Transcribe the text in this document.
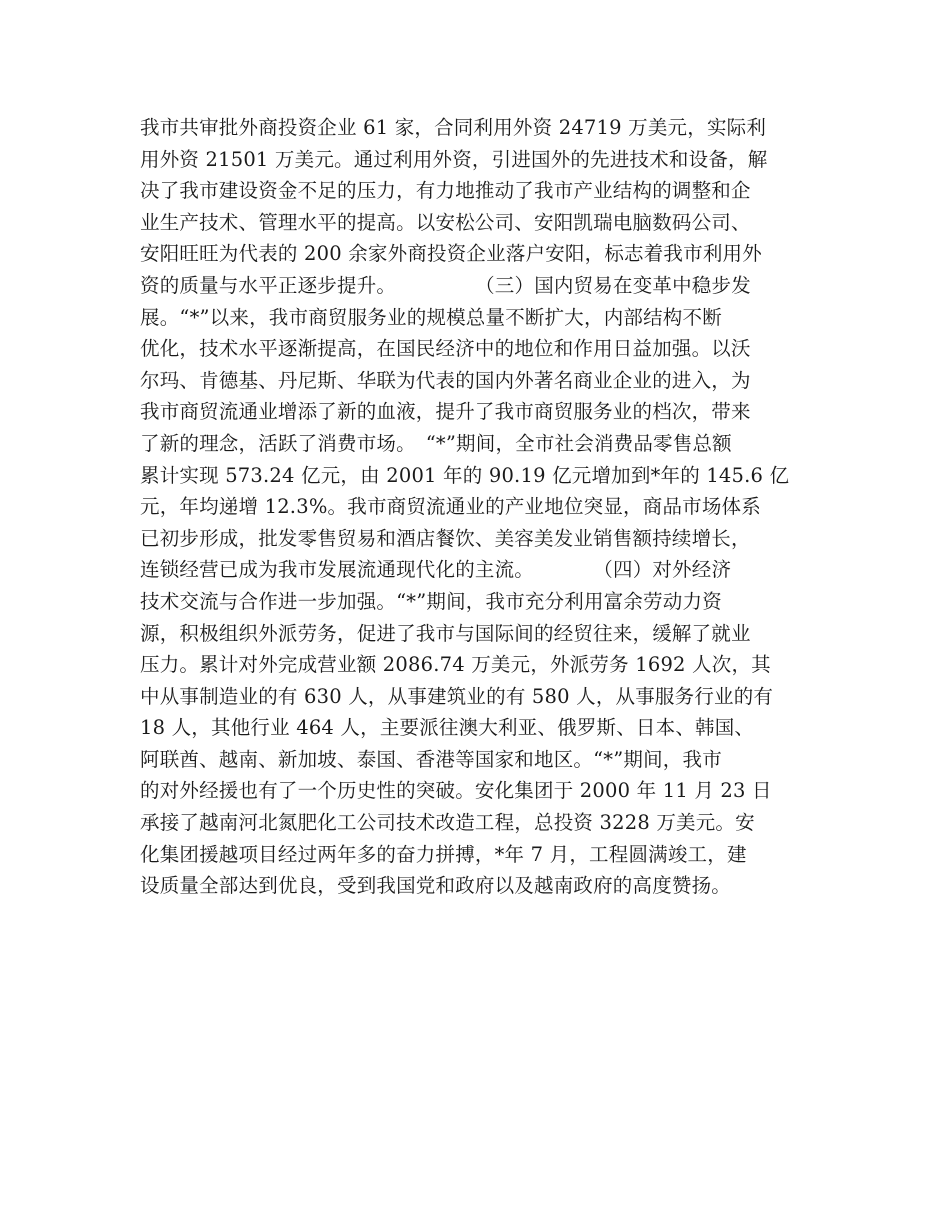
我市共审批外商投资企业 61 家，合同利用外资 24719 万美元，实际利
用外资 21501 万美元。通过利用外资，引进国外的先进技术和设备，解
决了我市建设资金不足的压力，有力地推动了我市产业结构的调整和企
业生产技术、管理水平的提高。以安松公司、安阳凯瑞电脑数码公司、
安阳旺旺为代表的 200 余家外商投资企业落户安阳，标志着我市利用外
资的质量与水平正逐步提升。　　　　　（三）国内贸易在变革中稳步发
展。“*”以来，我市商贸服务业的规模总量不断扩大，内部结构不断
优化，技术水平逐渐提高，在国民经济中的地位和作用日益加强。以沃
尔玛、肯德基、丹尼斯、华联为代表的国内外著名商业企业的进入，为
我市商贸流通业增添了新的血液，提升了我市商贸服务业的档次，带来
了新的理念，活跃了消费市场。　“*”期间，全市社会消费品零售总额
累计实现 573.24 亿元，由 2001 年的 90.19 亿元增加到*年的 145.6 亿
元，年均递增 12.3%。我市商贸流通业的产业地位突显，商品市场体系
已初步形成，批发零售贸易和酒店餐饮、美容美发业销售额持续增长，
连锁经营已成为我市发展流通现代化的主流。　　　　（四）对外经济
技术交流与合作进一步加强。“*”期间，我市充分利用富余劳动力资
源，积极组织外派劳务，促进了我市与国际间的经贸往来，缓解了就业
压力。累计对外完成营业额 2086.74 万美元，外派劳务 1692 人次，其
中从事制造业的有 630 人，从事建筑业的有 580 人，从事服务行业的有
18 人，其他行业 464 人，主要派往澳大利亚、俄罗斯、日本、韩国、
阿联酋、越南、新加坡、泰国、香港等国家和地区。“*”期间，我市
的对外经援也有了一个历史性的突破。安化集团于 2000 年 11 月 23 日
承接了越南河北氮肥化工公司技术改造工程，总投资 3228 万美元。安
化集团援越项目经过两年多的奋力拼搏，*年 7 月，工程圆满竣工，建
设质量全部达到优良，受到我国党和政府以及越南政府的高度赞扬。
